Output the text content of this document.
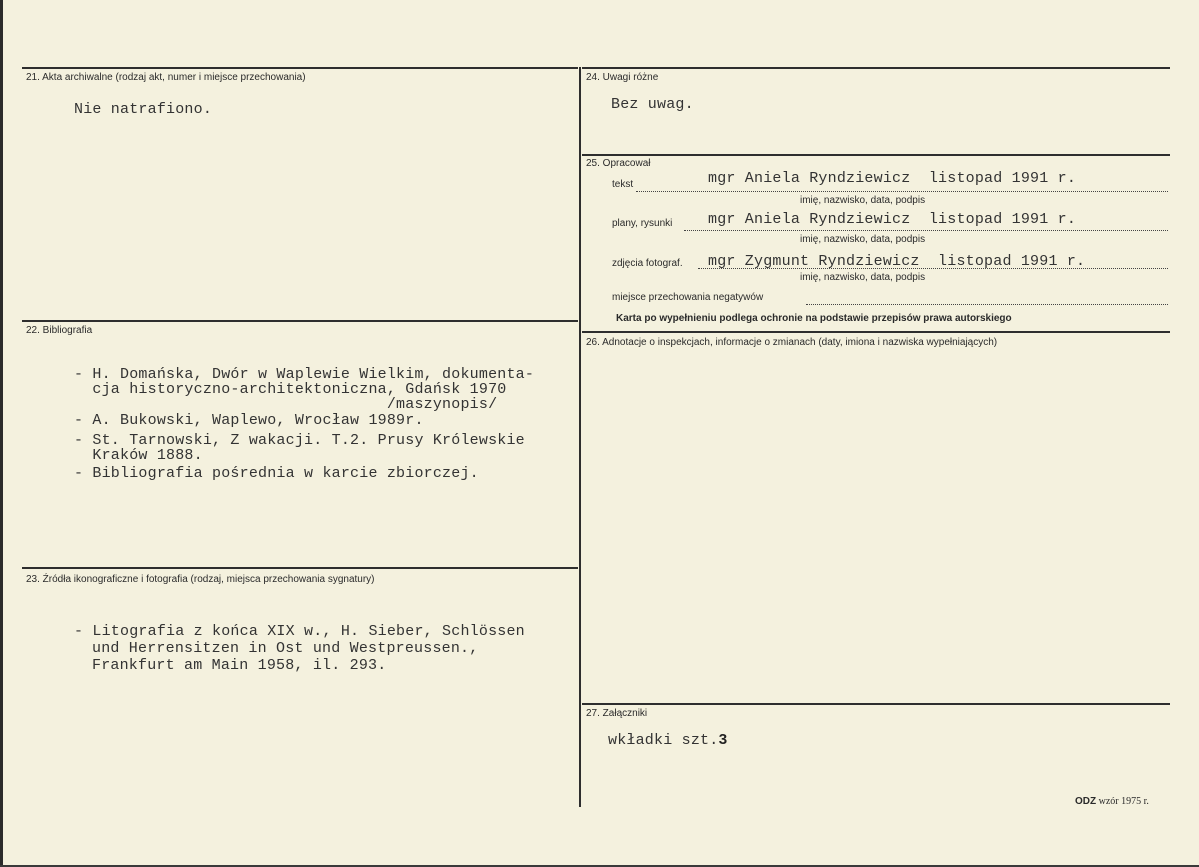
21. Akta archiwalne (rodzaj akt, numer i miejsce przechowania)
Nie natrafiono.
22. Bibliografia
- H. Domańska, Dwór w Waplewie Wielkim, dokumenta-
cja historyczno-architektoniczna, Gdańsk 1970
/maszynopis/
- A. Bukowski, Waplewo, Wrocław 1989r.
- St. Tarnowski, Z wakacji. T.2. Prusy Królewskie
Kraków 1888.
- Bibliografia pośrednia w karcie zbiorczej.
23. Źródła ikonograficzne i fotografia (rodzaj, miejsca przechowania sygnatury)
- Litografia z końca XIX w., H. Sieber, Schlössen
und Herrensitzen in Ost und Westpreussen.,
Frankfurt am Main 1958, il. 293.
24. Uwagi różne
Bez uwag.
25. Opracował
tekst	mgr Aniela Ryndziewicz  listopad 1991 r.
imię, nazwisko, data, podpis
plany, rysunki mgr Aniela Ryndziewicz  listopad 1991 r.
imię, nazwisko, data, podpis
zdjęcia fotograf. mgr Zygmunt Ryndziewicz  listopad 1991 r.
imię, nazwisko, data, podpis
miejsce przechowania negatywów
Karta po wypełnieniu podlega ochronie na podstawie przepisów prawa autorskiego
26. Adnotacje o inspekcjach, informacje o zmianach (daty, imiona i nazwiska wypełniających)
27. Załączniki
wkładki szt.3
ODZ wzór 1975 r.
